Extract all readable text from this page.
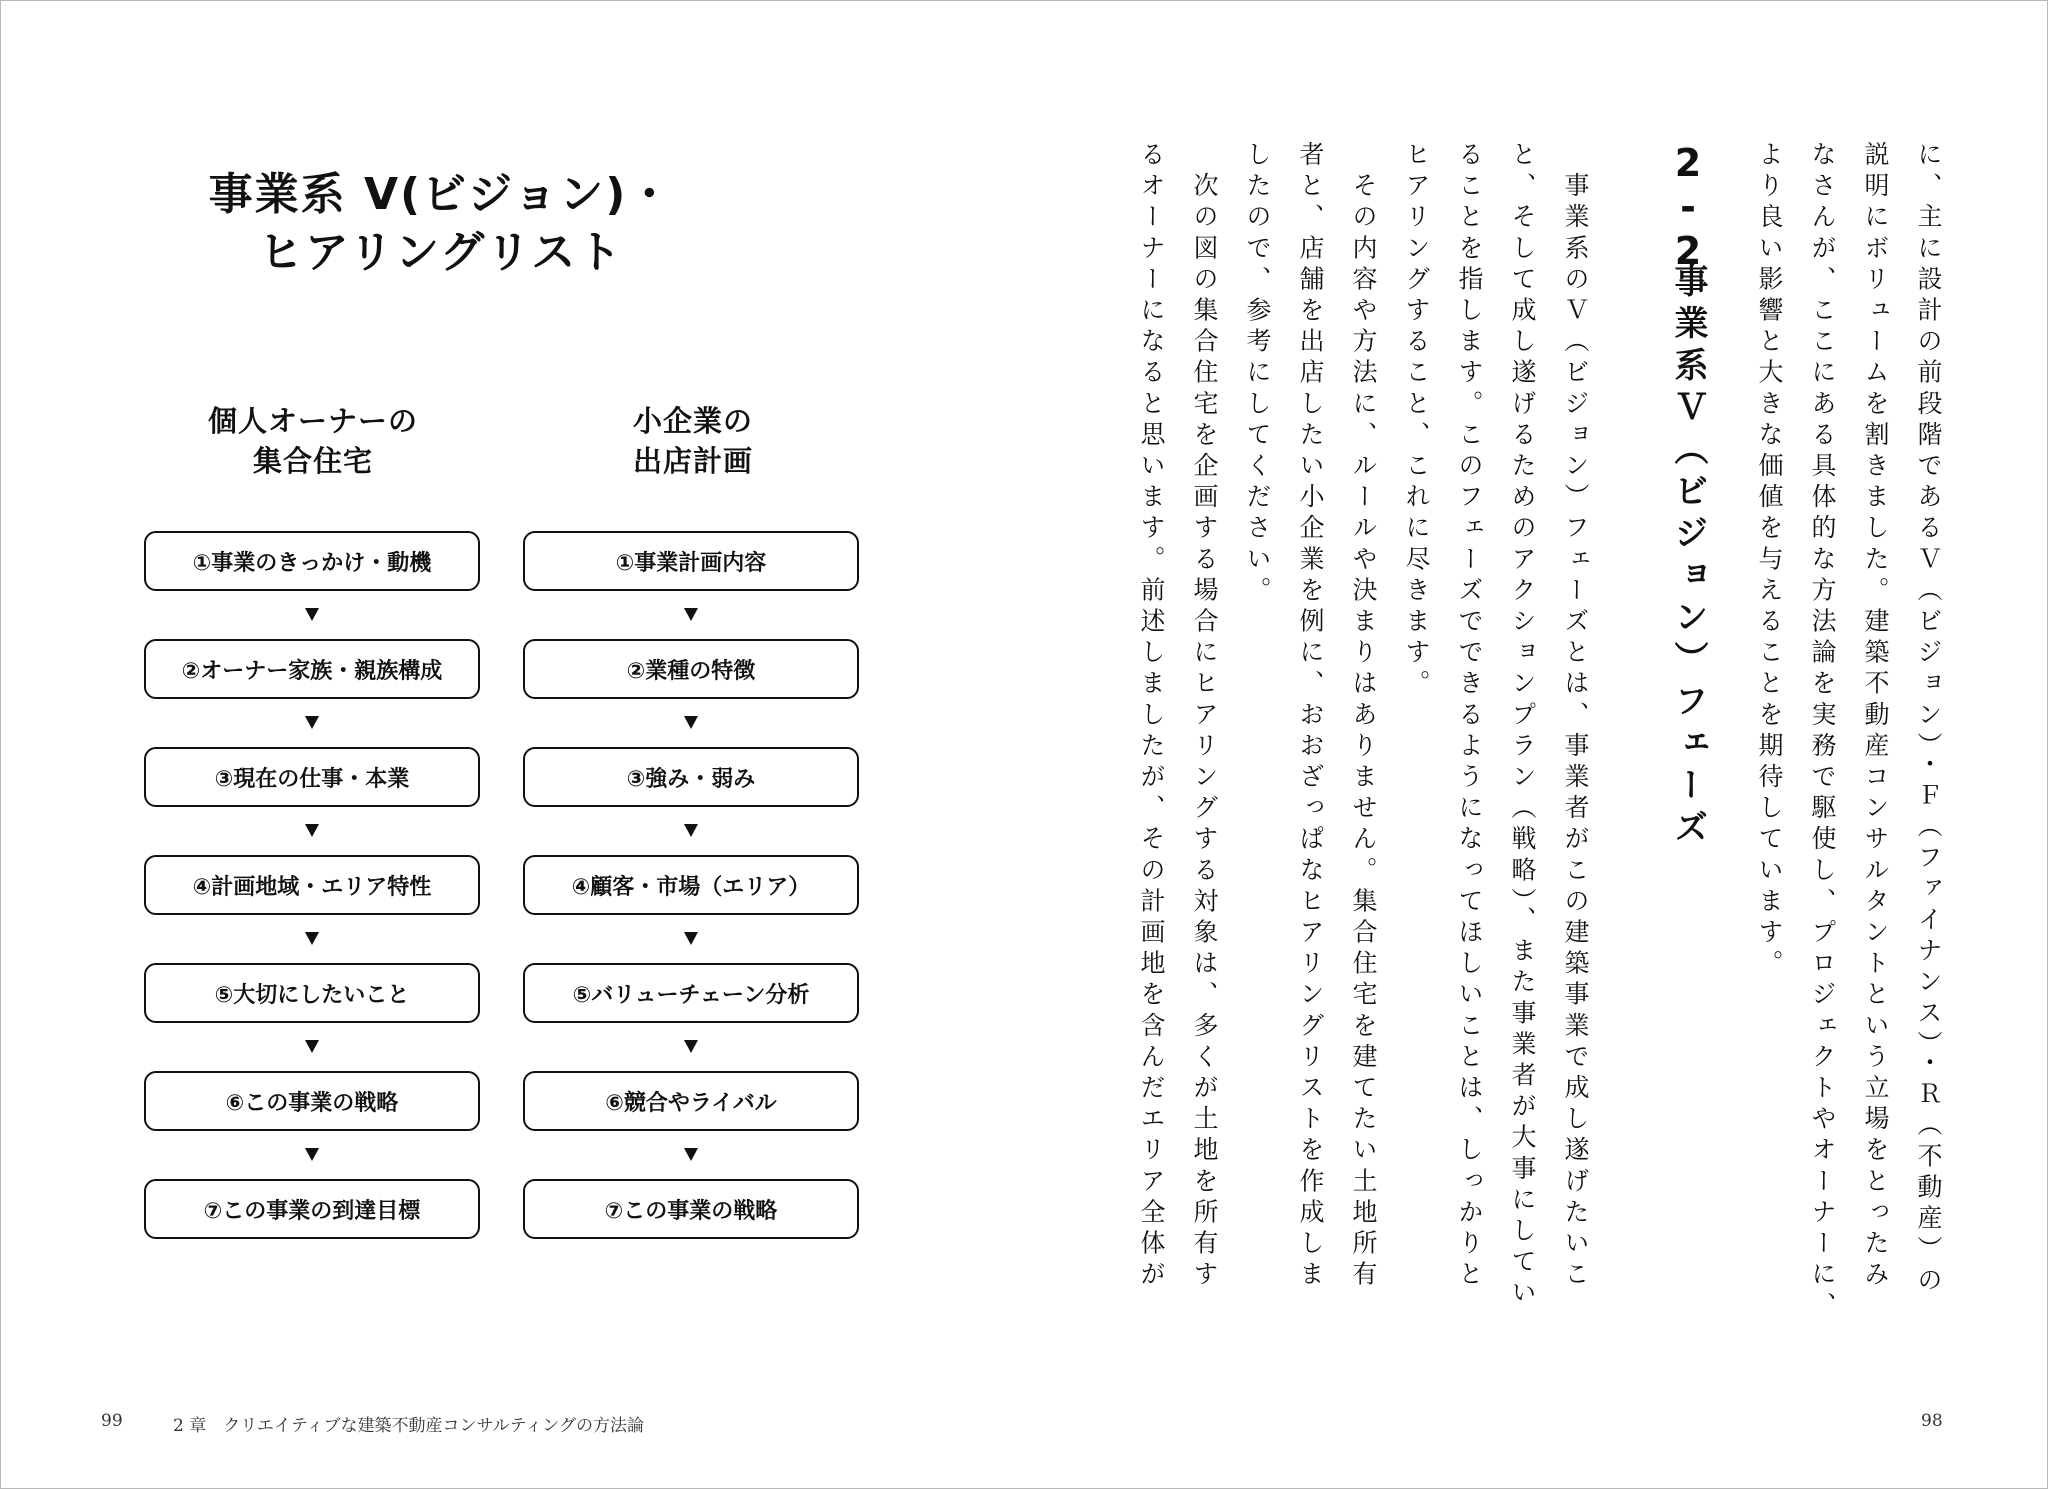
事業系 V(ビジョン)・
ヒアリングリスト
個人オーナーの
集合住宅
小企業の
出店計画
①事業のきっかけ・動機
②オーナー家族・親族構成
③現在の仕事・本業
④計画地域・エリア特性
⑤大切にしたいこと
⑥この事業の戦略
⑦この事業の到達目標
①事業計画内容
②業種の特徴
③強み・弱み
④顧客・市場（エリア）
⑤バリューチェーン分析
⑥競合やライバル
⑦この事業の戦略	に、主に設計の前段階であるＶ（ビジョン）・Ｆ（ファイナンス）・Ｒ（不動産）の
説明にボリュームを割きました。建築不動産コンサルタントという立場をとったみ
なさんが、ここにある具体的な方法論を実務で駆使し、プロジェクトやオーナーに、
より良い影響と大きな価値を与えることを期待しています。
2-2
事業系Ｖ（ビジョン）フェーズ
　事業系のＶ（ビジョン）フェーズとは、事業者がこの建築事業で成し遂げたいこ
と、そして成し遂げるためのアクションプラン（戦略）、また事業者が大事にしてい
ることを指します。このフェーズでできるようになってほしいことは、しっかりと
ヒアリングすること、これに尽きます。
　その内容や方法に、ルールや決まりはありません。集合住宅を建てたい土地所有
者と、店舗を出店したい小企業を例に、おおざっぱなヒアリングリストを作成しま
したので、参考にしてください。
　次の図の集合住宅を企画する場合にヒアリングする対象は、多くが土地を所有す
るオーナーになると思います。前述しましたが、その計画地を含んだエリア全体が
99	2 章　クリエイティブな建築不動産コンサルティングの方法論	98
